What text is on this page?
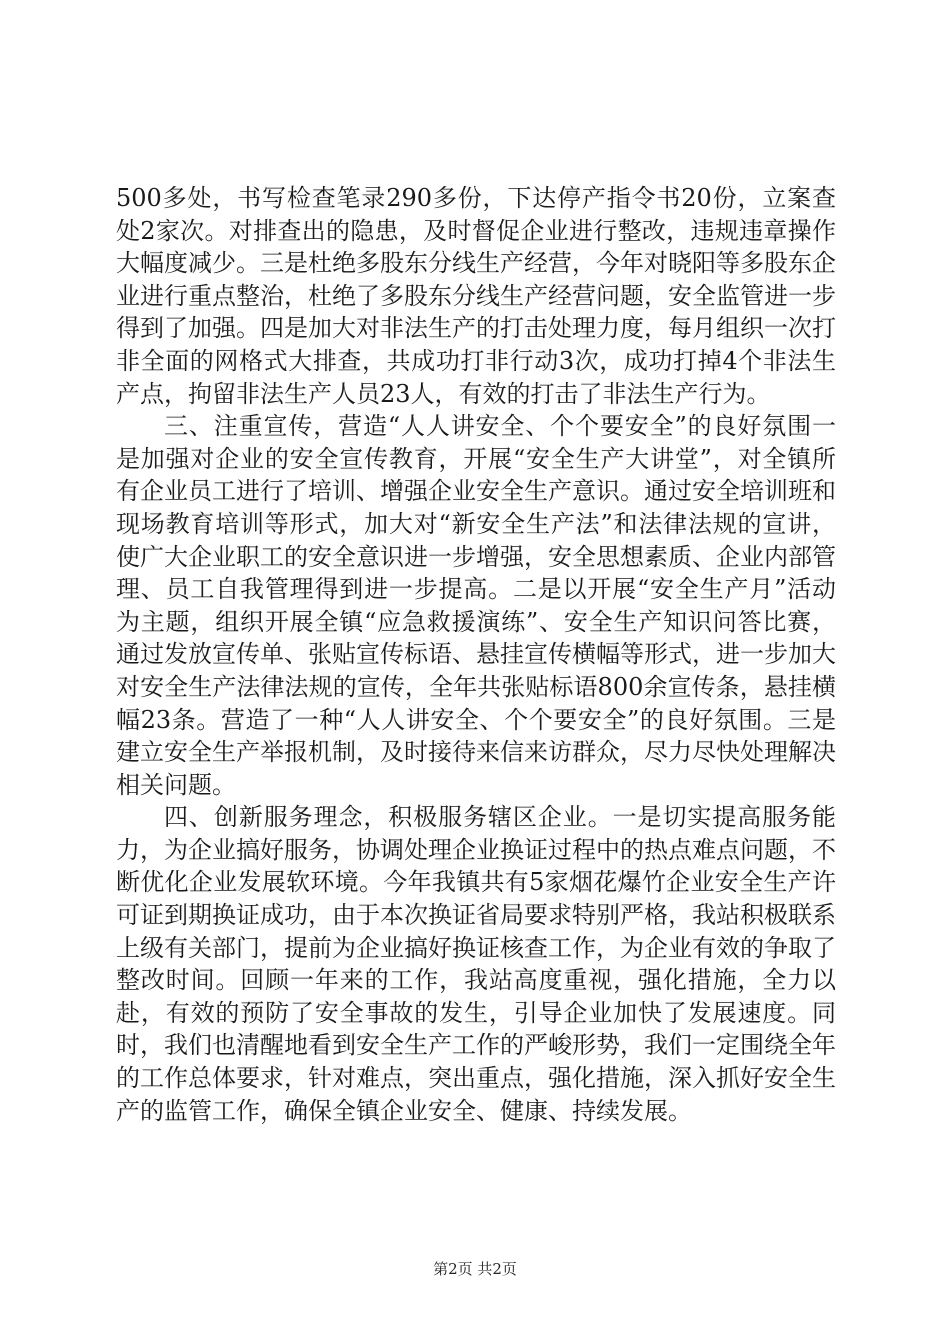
500多处，书写检查笔录290多份，下达停产指令书20份，立案查处2家次。对排查出的隐患，及时督促企业进行整改，违规违章操作大幅度减少。三是杜绝多股东分线生产经营，今年对晓阳等多股东企业进行重点整治，杜绝了多股东分线生产经营问题，安全监管进一步得到了加强。四是加大对非法生产的打击处理力度，每月组织一次打非全面的网格式大排查，共成功打非行动3次，成功打掉4个非法生产点，拘留非法生产人员23人，有效的打击了非法生产行为。

三、注重宣传，营造“人人讲安全、个个要安全”的良好氛围一是加强对企业的安全宣传教育，开展“安全生产大讲堂”，对全镇所有企业员工进行了培训、增强企业安全生产意识。通过安全培训班和现场教育培训等形式，加大对“新安全生产法”和法律法规的宣讲，使广大企业职工的安全意识进一步增强，安全思想素质、企业内部管理、员工自我管理得到进一步提高。二是以开展“安全生产月”活动为主题，组织开展全镇“应急救援演练”、安全生产知识问答比赛，通过发放宣传单、张贴宣传标语、悬挂宣传横幅等形式，进一步加大对安全生产法律法规的宣传，全年共张贴标语800余宣传条，悬挂横幅23条。营造了一种“人人讲安全、个个要安全”的良好氛围。三是建立安全生产举报机制，及时接待来信来访群众，尽力尽快处理解决相关问题。

四、创新服务理念，积极服务辖区企业。一是切实提高服务能力，为企业搞好服务，协调处理企业换证过程中的热点难点问题，不断优化企业发展软环境。今年我镇共有5家烟花爆竹企业安全生产许可证到期换证成功，由于本次换证省局要求特别严格，我站积极联系上级有关部门，提前为企业搞好换证核查工作，为企业有效的争取了整改时间。回顾一年来的工作，我站高度重视，强化措施，全力以赴，有效的预防了安全事故的发生，引导企业加快了发展速度。同时，我们也清醒地看到安全生产工作的严峻形势，我们一定围绕全年的工作总体要求，针对难点，突出重点，强化措施，深入抓好安全生产的监管工作，确保全镇企业安全、健康、持续发展。

第2页 共2页
